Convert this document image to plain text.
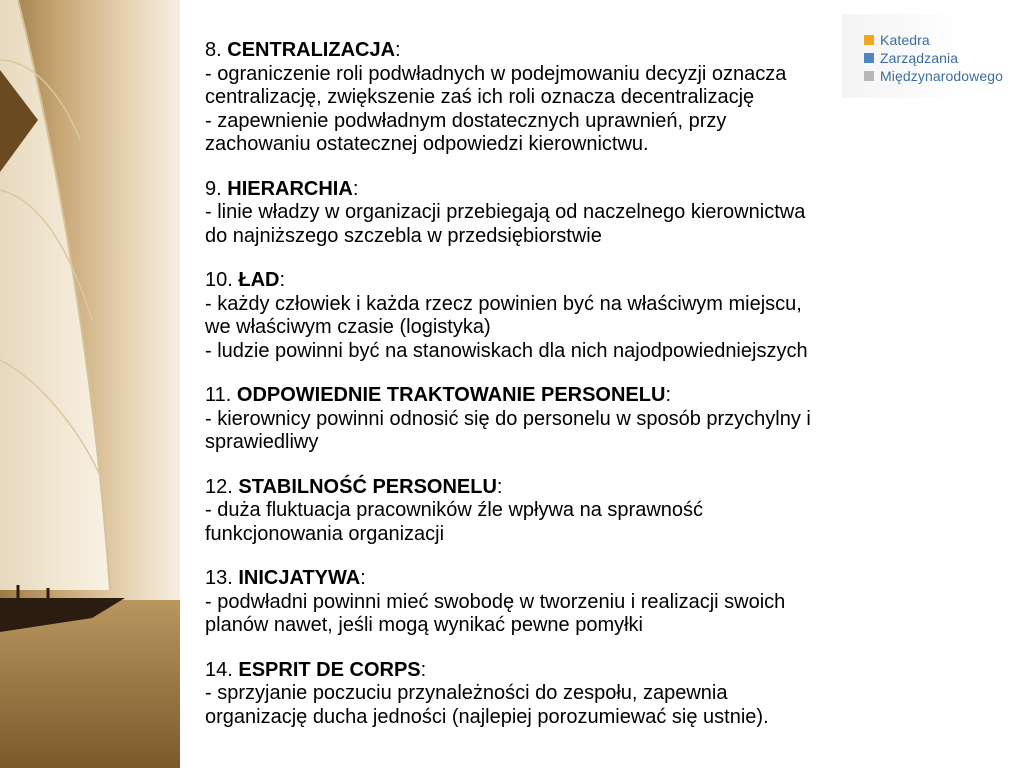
Katedra
Zarządzania
Międzynarodowego
8. CENTRALIZACJA:
- ograniczenie roli podwładnych w podejmowaniu decyzji oznacza
centralizację, zwiększenie zaś ich roli oznacza decentralizację
- zapewnienie podwładnym dostatecznych uprawnień, przy
zachowaniu ostatecznej odpowiedzi kierownictwu.
9. HIERARCHIA:
- linie władzy w organizacji przebiegają od naczelnego kierownictwa
do najniższego szczebla w przedsiębiorstwie
10. ŁAD:
- każdy człowiek i każda rzecz powinien być na właściwym miejscu,
we właściwym czasie (logistyka)
- ludzie powinni być na stanowiskach dla nich najodpowiedniejszych
11. ODPOWIEDNIE TRAKTOWANIE PERSONELU:
- kierownicy powinni odnosić się do personelu w sposób przychylny i
sprawiedliwy
12. STABILNOŚĆ PERSONELU:
- duża fluktuacja pracowników źle wpływa na sprawność
funkcjonowania organizacji
13. INICJATYWA:
- podwładni powinni mieć swobodę w tworzeniu i realizacji swoich
planów nawet, jeśli mogą wynikać pewne pomyłki
14. ESPRIT DE CORPS:
- sprzyjanie poczuciu przynależności do zespołu, zapewnia
organizację ducha jedności (najlepiej porozumiewać się ustnie).
